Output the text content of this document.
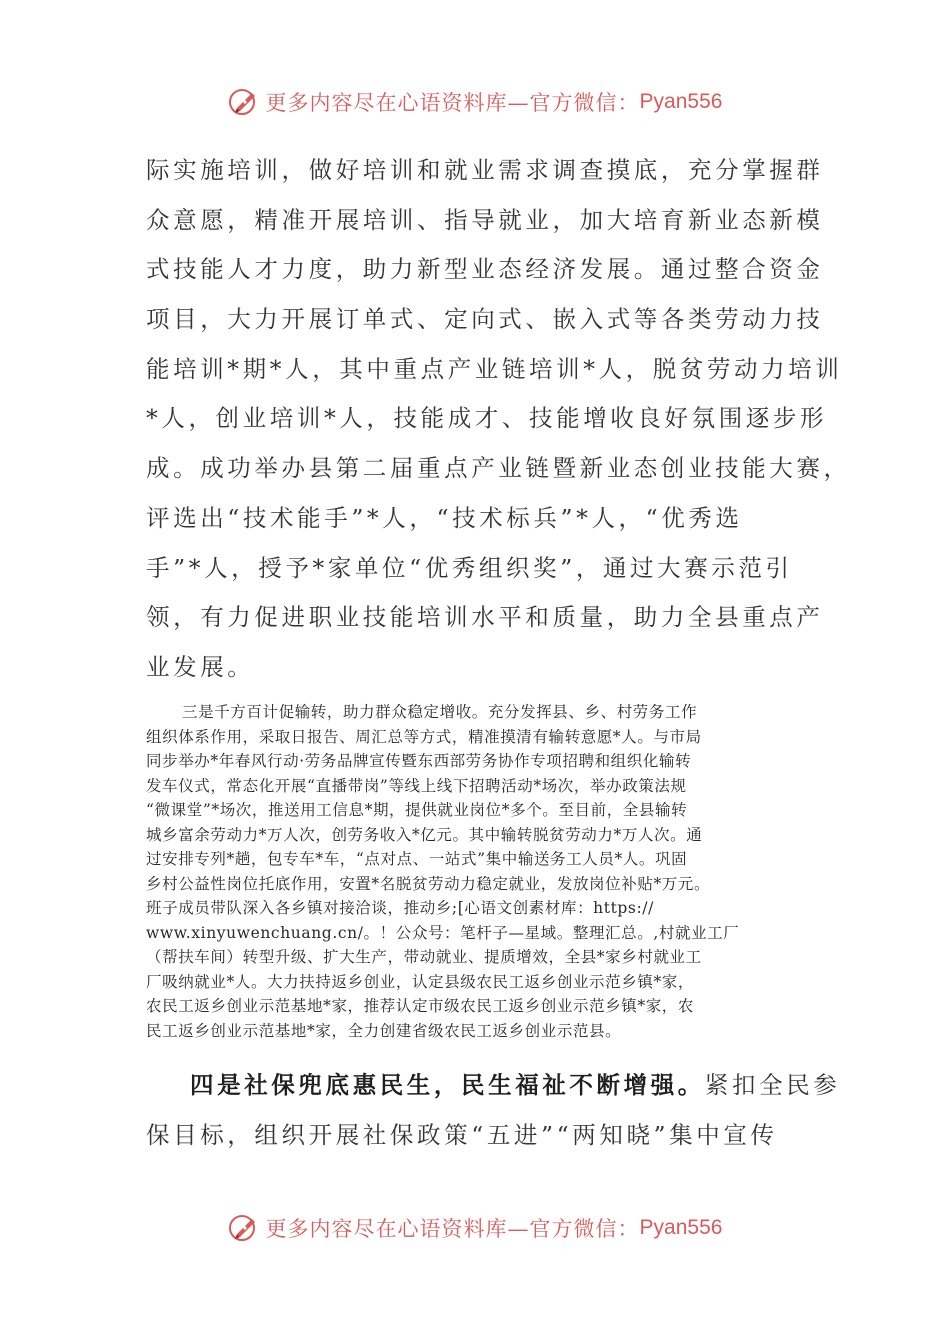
更多内容尽在心语资料库—官方微信： Pyan556
际实施培训，做好培训和就业需求调查摸底，充分掌握群
众意愿，精准开展培训、指导就业，加大培育新业态新模
式技能人才力度，助力新型业态经济发展。通过整合资金
项目，大力开展订单式、定向式、嵌入式等各类劳动力技
能培训*期*人，其中重点产业链培训*人，脱贫劳动力培训
*人，创业培训*人，技能成才、技能增收良好氛围逐步形
成。成功举办县第二届重点产业链暨新业态创业技能大赛，
评选出“技术能手”*人，“技术标兵”*人，“优秀选
手”*人，授予*家单位“优秀组织奖”，通过大赛示范引
领，有力促进职业技能培训水平和质量，助力全县重点产
业发展。
三是千方百计促输转，助力群众稳定增收。充分发挥县、乡、村劳务工作
组织体系作用，采取日报告、周汇总等方式，精准摸清有输转意愿*人。与市局
同步举办*年春风行动·劳务品牌宣传暨东西部劳务协作专项招聘和组织化输转
发车仪式，常态化开展“直播带岗”等线上线下招聘活动*场次，举办政策法规
“微课堂”*场次，推送用工信息*期，提供就业岗位*多个。至目前，全县输转
城乡富余劳动力*万人次，创劳务收入*亿元。其中输转脱贫劳动力*万人次。通
过安排专列*趟，包专车*车，“点对点、一站式”集中输送务工人员*人。巩固
乡村公益性岗位托底作用，安置*名脱贫劳动力稳定就业，发放岗位补贴*万元。
班子成员带队深入各乡镇对接洽谈，推动乡;[心语文创素材库：https://
www.xinyuwenchuang.cn/。！公众号：笔杆子—星域。整理汇总。,村就业工厂
（帮扶车间）转型升级、扩大生产，带动就业、提质增效，全县*家乡村就业工
厂吸纳就业*人。大力扶持返乡创业，认定县级农民工返乡创业示范乡镇*家，
农民工返乡创业示范基地*家，推荐认定市级农民工返乡创业示范乡镇*家，农
民工返乡创业示范基地*家，全力创建省级农民工返乡创业示范县。
四是社保兜底惠民生，民生福祉不断增强。紧扣全民参
保目标，组织开展社保政策“五进”“两知晓”集中宣传
更多内容尽在心语资料库—官方微信： Pyan556
